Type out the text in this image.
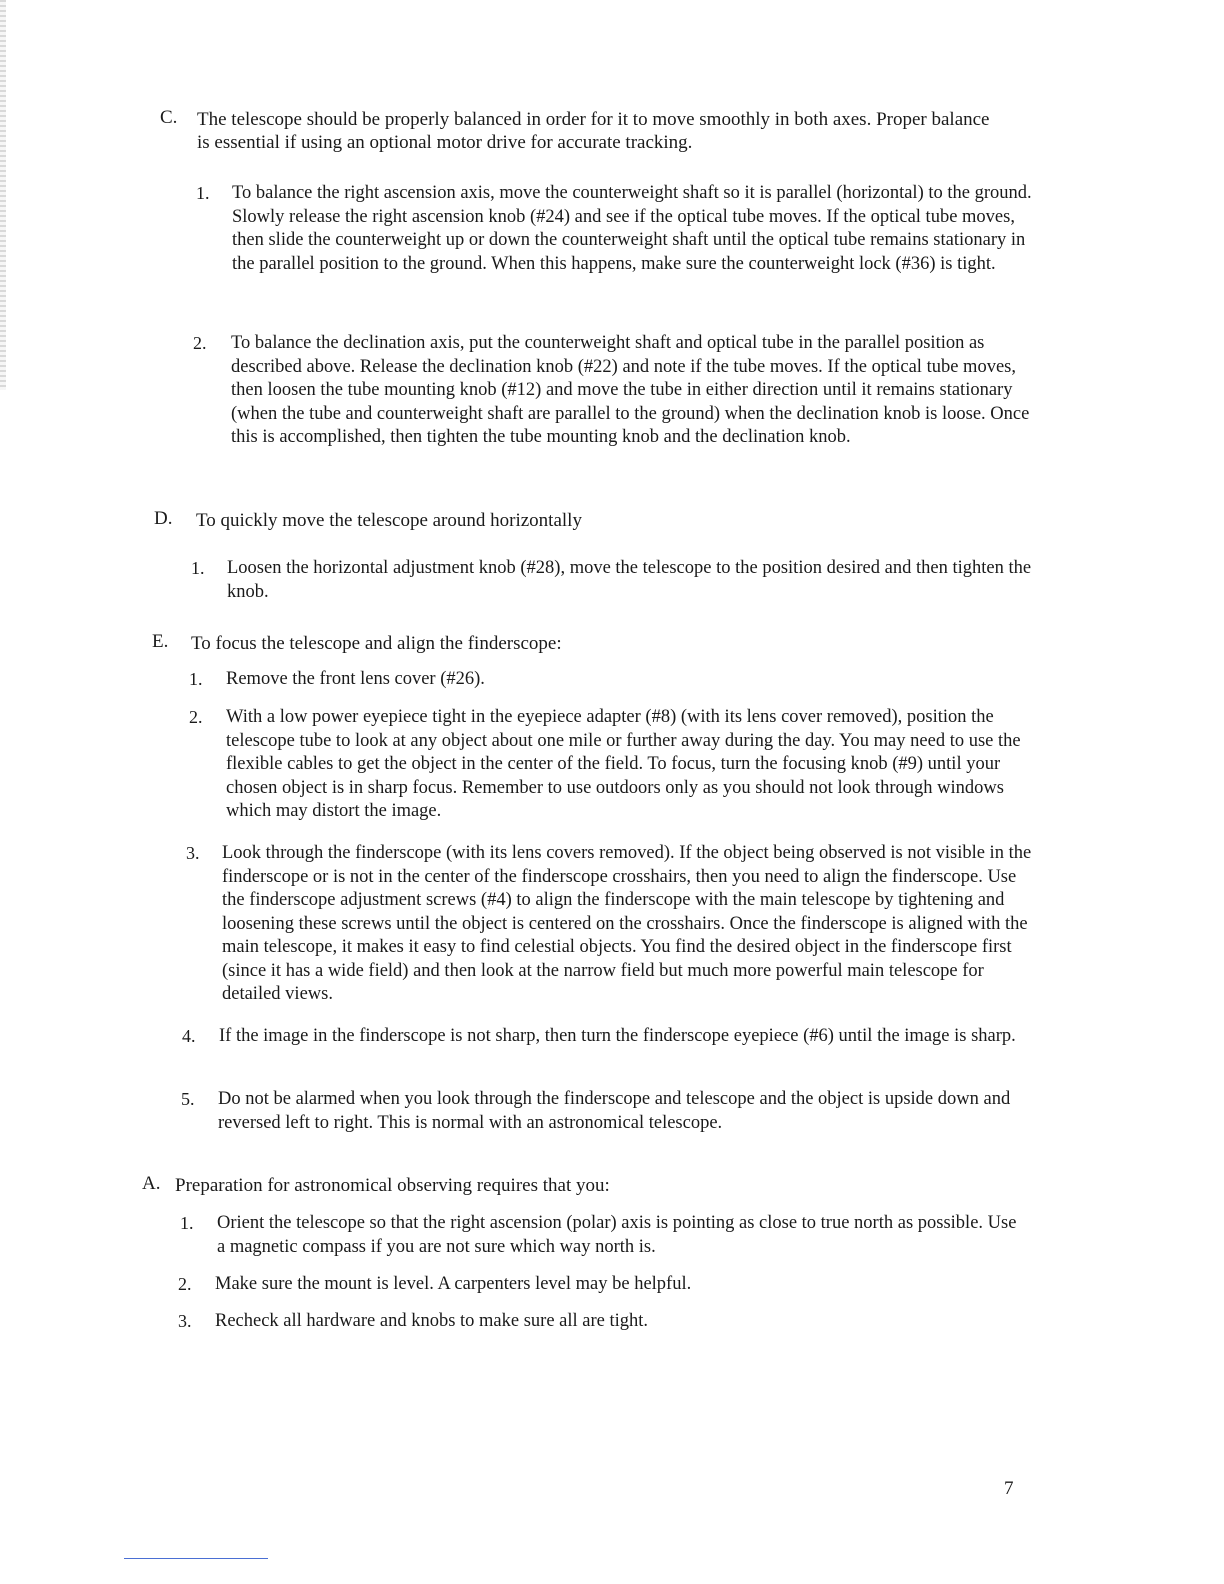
C. The telescope should be properly balanced in order for it to move smoothly in both axes. Proper balance is essential if using an optional motor drive for accurate tracking.
1. To balance the right ascension axis, move the counterweight shaft so it is parallel (horizontal) to the ground. Slowly release the right ascension knob (#24) and see if the optical tube moves. If the optical tube moves, then slide the counterweight up or down the counterweight shaft until the optical tube remains stationary in the parallel position to the ground. When this happens, make sure the counterweight lock (#36) is tight.
2. To balance the declination axis, put the counterweight shaft and optical tube in the parallel position as described above. Release the declination knob (#22) and note if the tube moves. If the optical tube moves, then loosen the tube mounting knob (#12) and move the tube in either direction until it remains stationary (when the tube and counterweight shaft are parallel to the ground) when the declination knob is loose. Once this is accomplished, then tighten the tube mounting knob and the declination knob.
D. To quickly move the telescope around horizontally
1. Loosen the horizontal adjustment knob (#28), move the telescope to the position desired and then tighten the knob.
E. To focus the telescope and align the finderscope:
1. Remove the front lens cover (#26).
2. With a low power eyepiece tight in the eyepiece adapter (#8) (with its lens cover removed), position the telescope tube to look at any object about one mile or further away during the day. You may need to use the flexible cables to get the object in the center of the field. To focus, turn the focusing knob (#9) until your chosen object is in sharp focus. Remember to use outdoors only as you should not look through windows which may distort the image.
3. Look through the finderscope (with its lens covers removed). If the object being observed is not visible in the finderscope or is not in the center of the finderscope crosshairs, then you need to align the finderscope. Use the finderscope adjustment screws (#4) to align the finderscope with the main telescope by tightening and loosening these screws until the object is centered on the crosshairs. Once the finderscope is aligned with the main telescope, it makes it easy to find celestial objects. You find the desired object in the finderscope first (since it has a wide field) and then look at the narrow field but much more powerful main telescope for detailed views.
4. If the image in the finderscope is not sharp, then turn the finderscope eyepiece (#6) until the image is sharp.
5. Do not be alarmed when you look through the finderscope and telescope and the object is upside down and reversed left to right. This is normal with an astronomical telescope.
A. Preparation for astronomical observing requires that you:
1. Orient the telescope so that the right ascension (polar) axis is pointing as close to true north as possible. Use a magnetic compass if you are not sure which way north is.
2. Make sure the mount is level. A carpenters level may be helpful.
3. Recheck all hardware and knobs to make sure all are tight.
7
